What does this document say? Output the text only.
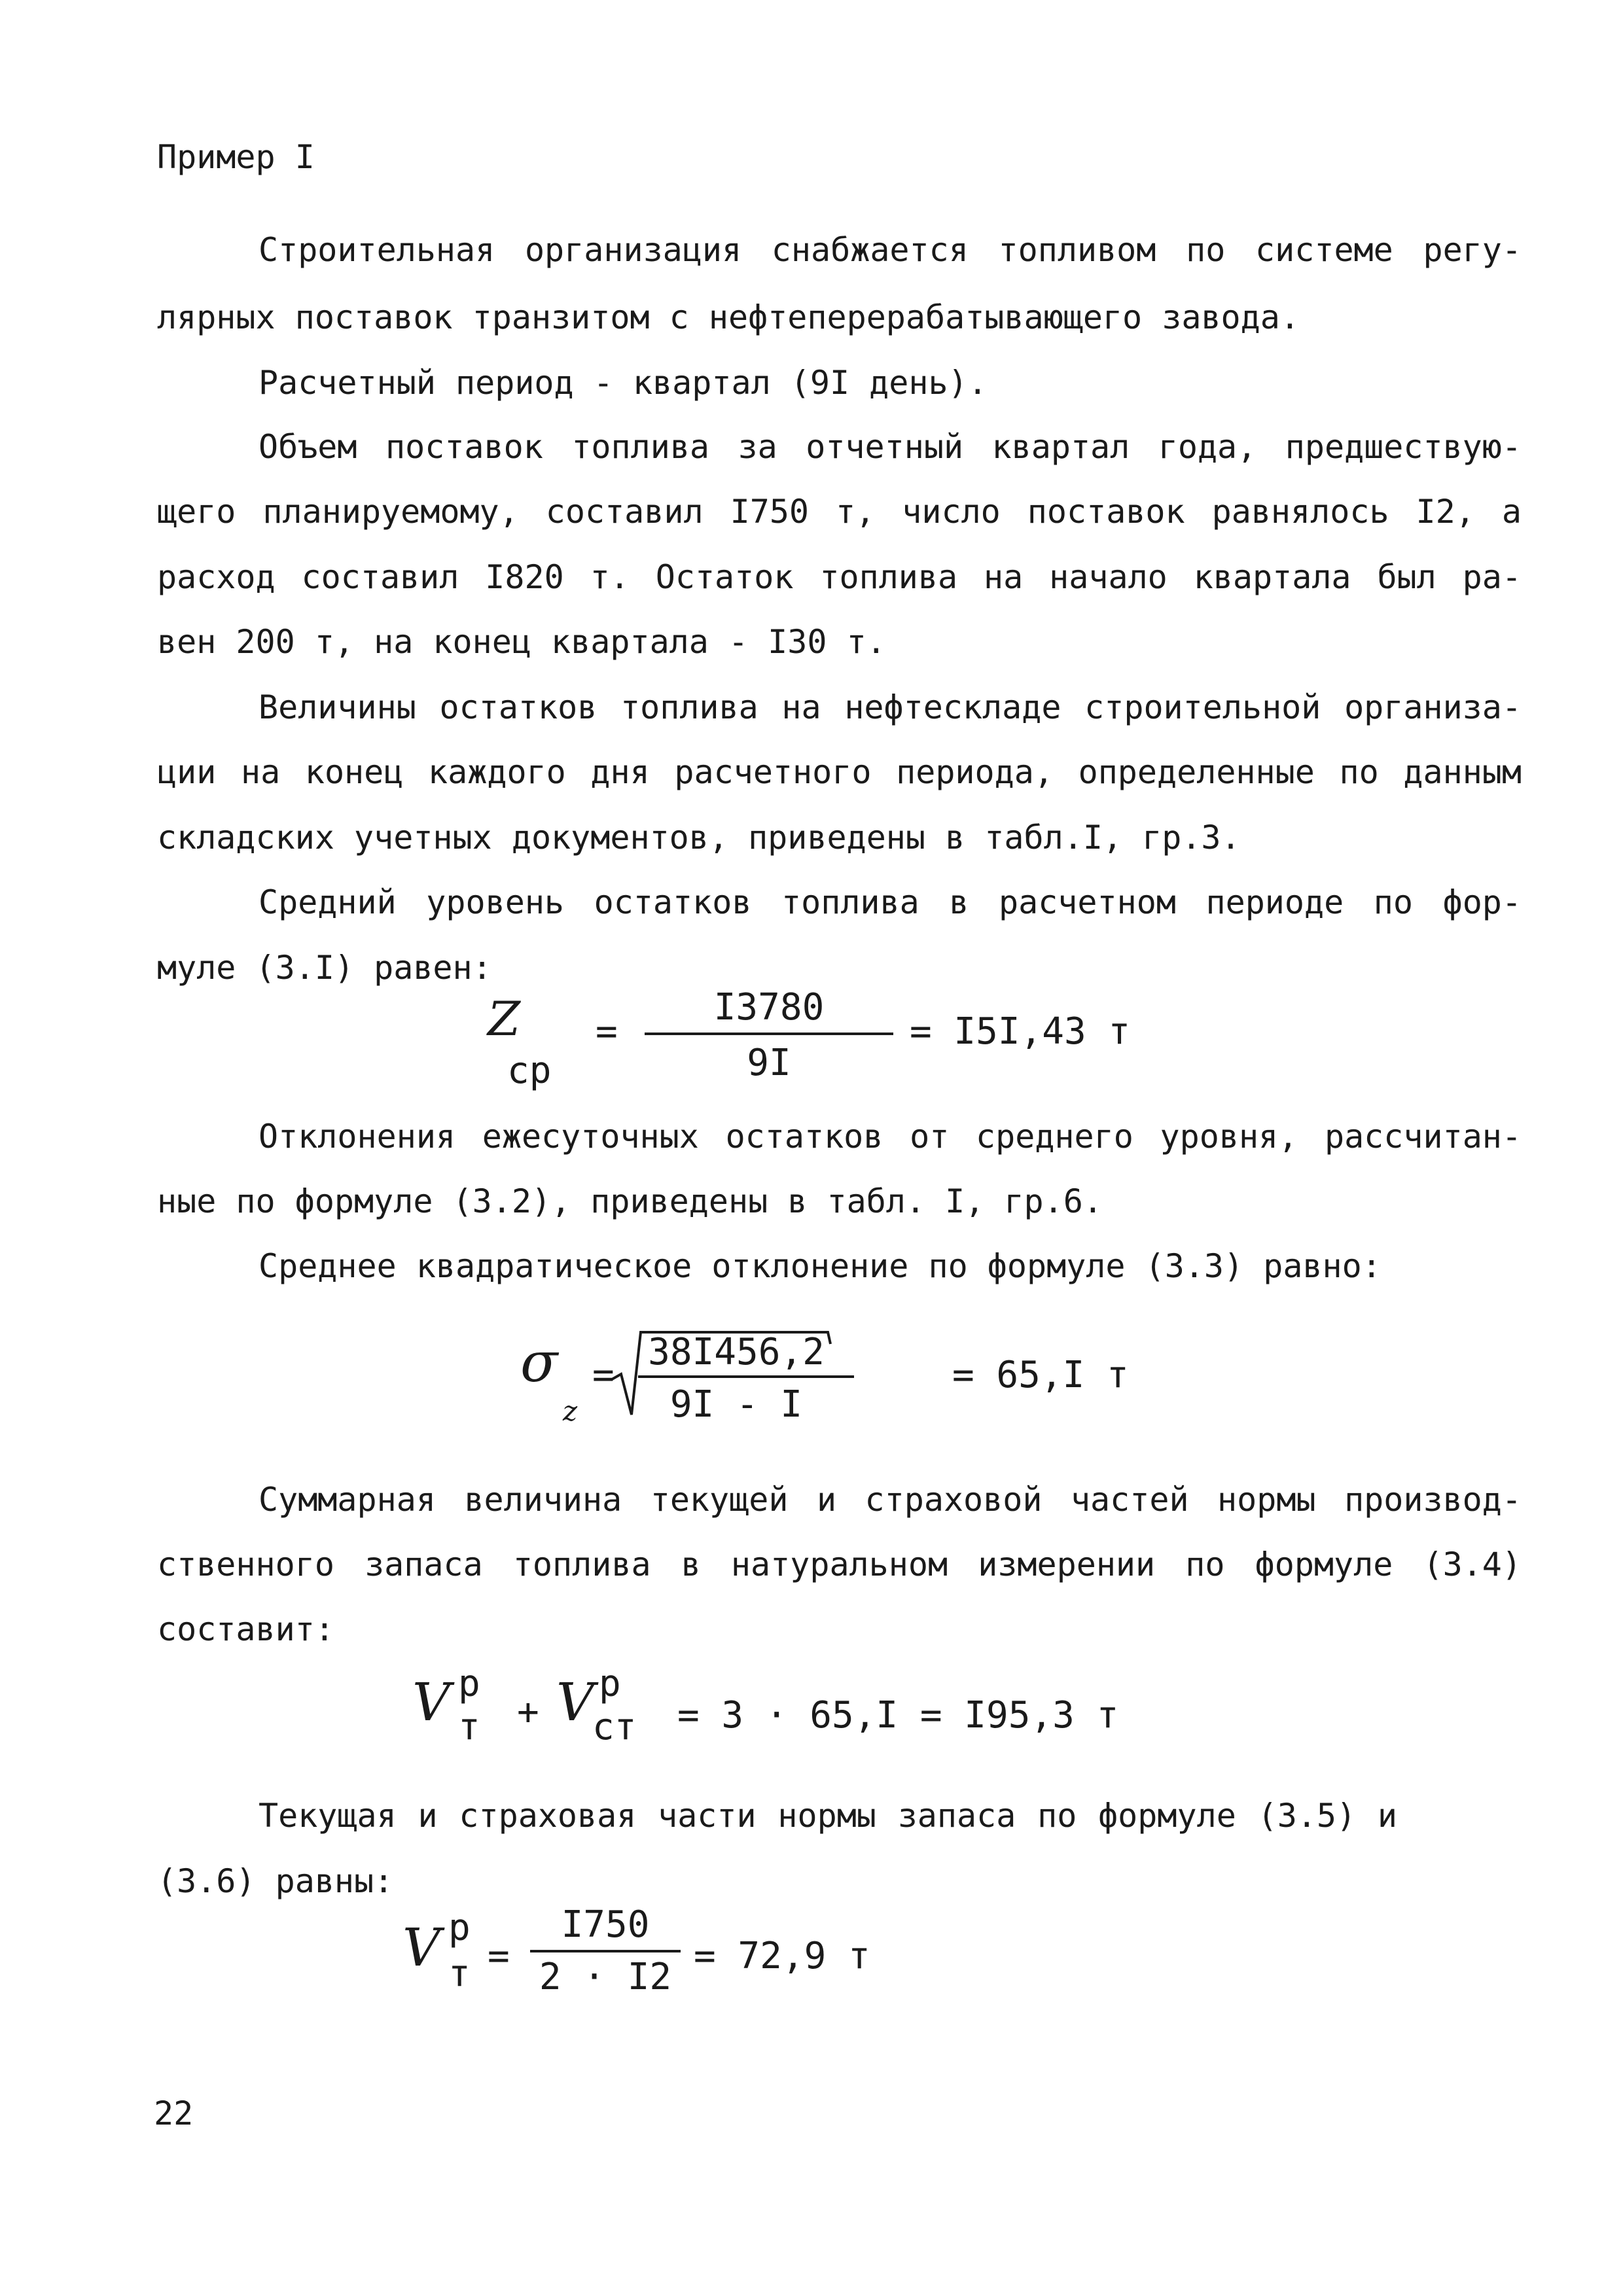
Пример I
Строительная организация снабжается топливом по системе регу-
лярных поставок транзитом с нефтеперерабатывающего завода.
Расчетный период - квартал (9I день).
Объем поставок топлива за отчетный квартал года, предшествую-
щего планируемому, составил I750 т, число поставок равнялось I2, а
расход составил I820 т. Остаток топлива на начало квартала был ра-
вен 200 т, на конец квартала - I30 т.
Величины остатков топлива на нефтескладе строительной организа-
ции на конец каждого дня расчетного периода, определенные по данным
складских учетных документов, приведены в табл.I, гр.3.
Средний уровень остатков топлива в расчетном периоде по фор-
муле (3.I) равен:
Z
ср
=
I3780
9I
= I5I,43 т
Отклонения ежесуточных остатков от среднего уровня, рассчитан-
ные по формуле (3.2), приведены в табл. I, гр.6.
Среднее квадратическое отклонение по формуле (3.3) равно:
σ
z
=
38I456,2
9I - I
= 65,I т
Суммарная величина текущей и страховой частей нормы производ-
ственного запаса топлива в натуральном измерении по формуле (3.4)
составит:
V р
т + V р
ст = 3 · 65,I = I95,3 т
Текущая и страховая части нормы запаса по формуле (3.5) и
(3.6) равны:
V р
т =
I750
2 · I2 = 72,9 т
22
